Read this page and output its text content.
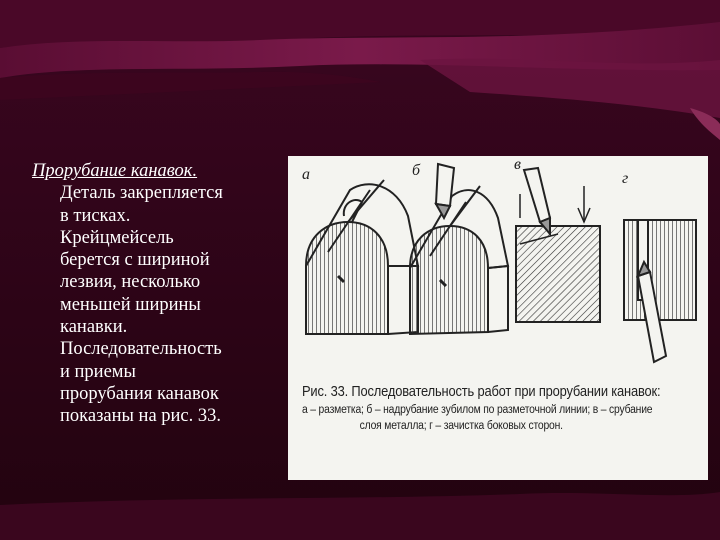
Прорубание канавок.
Деталь закрепляется
в тисках.
Крейцмейсель
берется с шириной
лезвия, несколько
меньшей ширины
канавки.
Последовательность
и приемы
прорубания канавок
показаны на рис. 33.
а	б	в
г
Рис. 33. Последовательность работ при прорубании канавок:
а – разметка; б – надрубание зубилом по разметочной линии; в – срубание
слоя металла; г – зачистка боковых сторон.
